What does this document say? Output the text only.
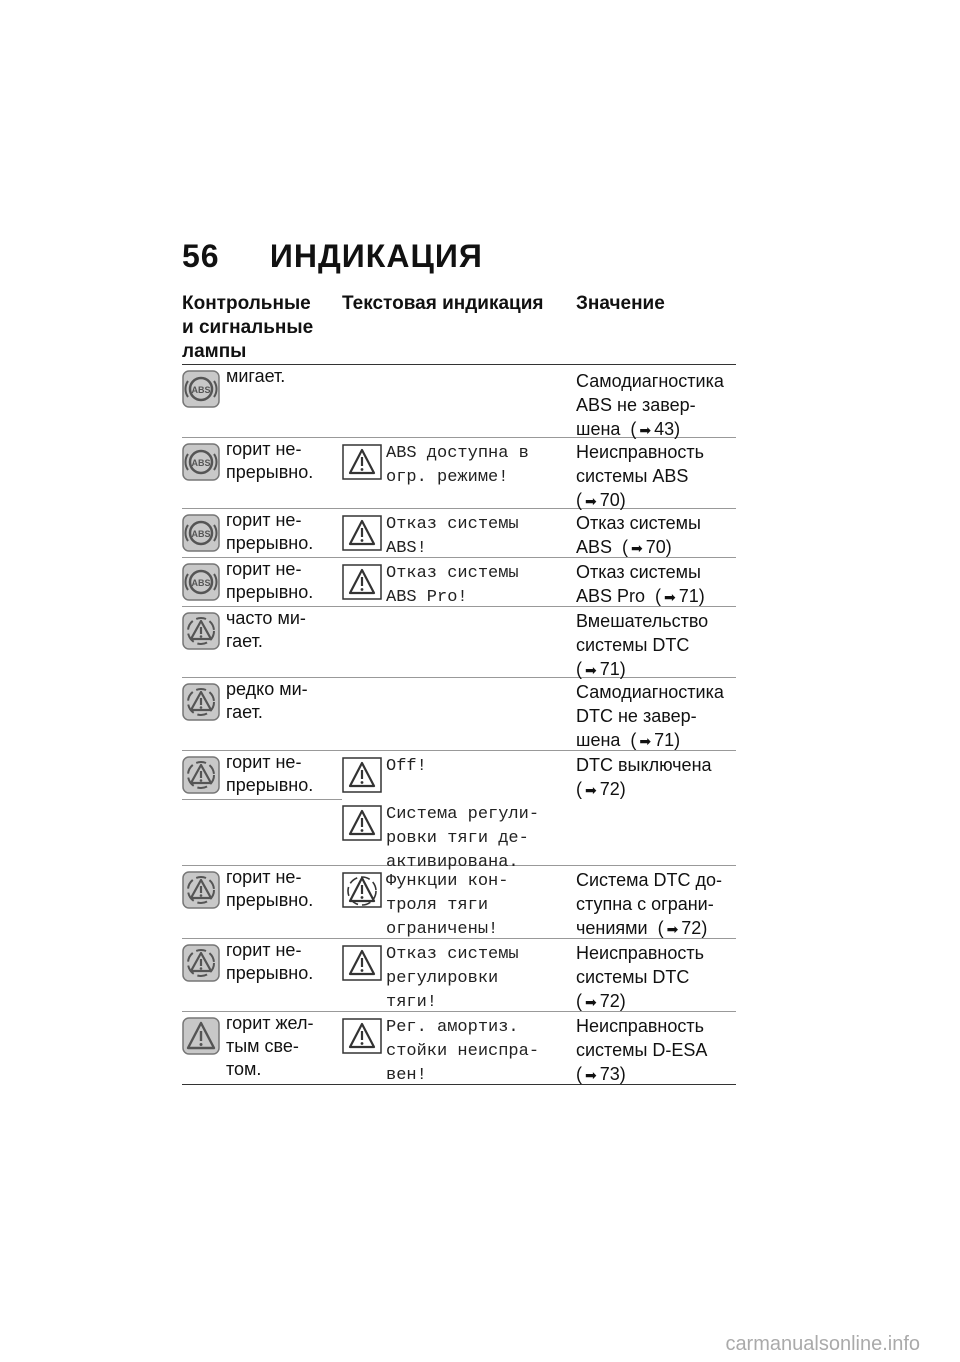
56 ИНДИКАЦИЯ
Контрольные
и сигнальные
лампы
Текстовая индикация Значение
ABS
мигает.	Самодиагностика
ABS не завер-
шена  ( ➡ 43)
ABS
горит не-
прерывно.
ABS доступна в
огр. режиме!
Неисправность
системы ABS
( ➡ 70)
ABS
горит не-
прерывно.
Отказ системы
ABS!
Отказ системы
ABS  ( ➡ 70)
ABS
горит не-
прерывно.
Отказ системы
ABS Pro!
Отказ системы
ABS Pro  ( ➡ 71)
часто ми-
гает.
Вмешательство
системы DTC
( ➡ 71)
редко ми-
гает.
Самодиагностика
DTC не завер-
шена  ( ➡ 71)
горит не-
прерывно.
Off!
Система регули-
ровки тяги де-
активирована.
DTC выключена
( ➡ 72)
горит не-
прерывно.
Функции кон-
троля тяги
ограничены!
Система DTC до-
ступна с ограни-
чениями  ( ➡ 72)
горит не-
прерывно.
Отказ системы
регулировки
тяги!
Неисправность
системы DTC
( ➡ 72)
горит жел-
тым све-
том.
Рег. амортиз.
стойки неиспра-
вен!
Неисправность
системы D-ESA
( ➡ 73)
carmanualsonline.info
